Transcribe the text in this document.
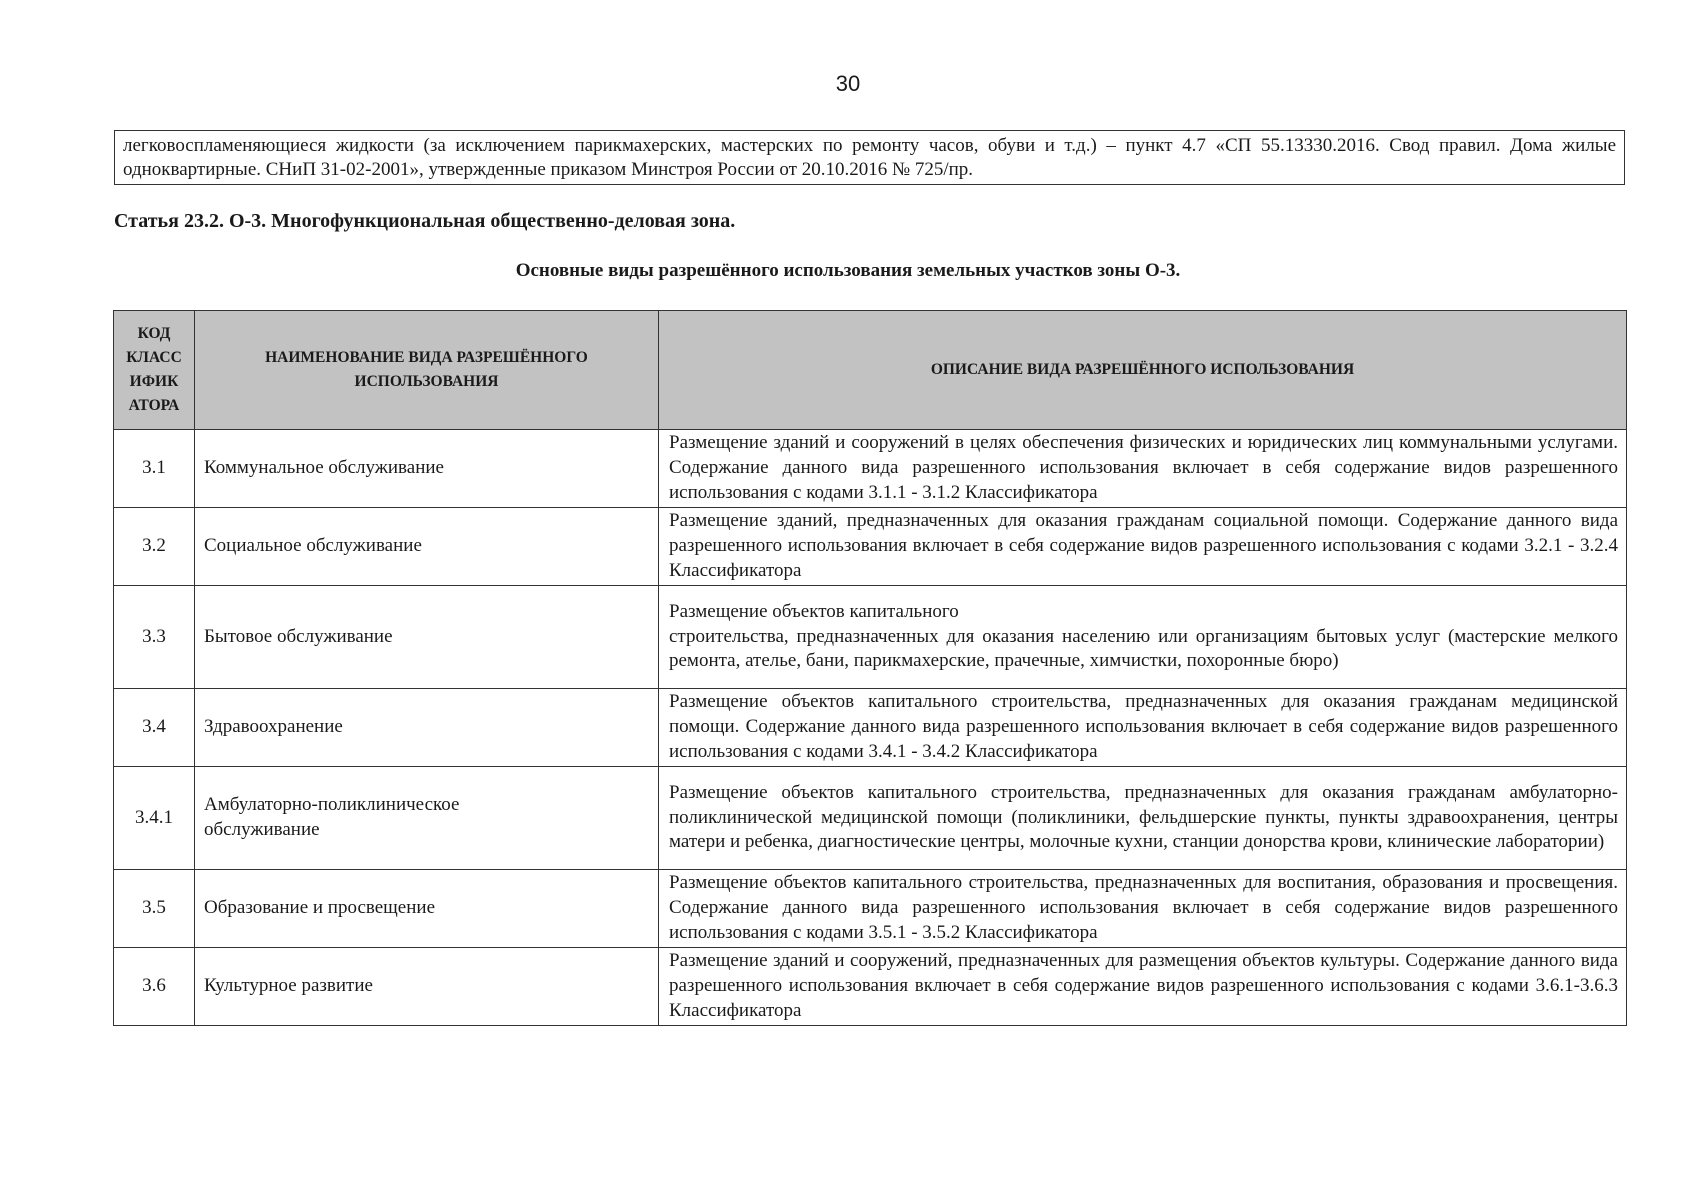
30
легковоспламеняющиеся жидкости (за исключением парикмахерских, мастерских по ремонту часов, обуви и т.д.) – пункт 4.7 «СП 55.13330.2016. Свод правил. Дома жилые одноквартирные. СНиП 31-02-2001», утвержденные приказом Минстроя России от 20.10.2016 № 725/пр.
Статья 23.2. О-3. Многофункциональная общественно-деловая зона.
Основные виды разрешённого использования земельных участков зоны О-3.
КОД КЛАСС ИФИК АТОРА	НАИМЕНОВАНИЕ ВИДА РАЗРЕШЁННОГО ИСПОЛЬЗОВАНИЯ	ОПИСАНИЕ ВИДА РАЗРЕШЁННОГО ИСПОЛЬЗОВАНИЯ
3.1	Коммунальное обслуживание	Размещение зданий и сооружений в целях обеспечения физических и юридических лиц коммунальными услугами. Содержание данного вида разрешенного использования включает в себя содержание видов разрешенного использования с кодами 3.1.1 - 3.1.2 Классификатора
3.2	Социальное обслуживание	Размещение зданий, предназначенных для оказания гражданам социальной помощи. Содержание данного вида разрешенного использования включает в себя содержание видов разрешенного использования с кодами 3.2.1 - 3.2.4 Классификатора
3.3	Бытовое обслуживание	Размещение объектов капитального
строительства, предназначенных для оказания населению или организациям бытовых услуг (мастерские мелкого ремонта, ателье, бани, парикмахерские, прачечные, химчистки, похоронные бюро)

3.4	Здравоохранение	Размещение объектов капитального строительства, предназначенных для оказания гражданам медицинской помощи. Содержание данного вида разрешенного использования включает в себя содержание видов разрешенного использования с кодами 3.4.1 - 3.4.2 Классификатора
3.4.1	Амбулаторно-поликлиническое обслуживание	Размещение объектов капитального строительства, предназначенных для оказания гражданам амбулаторно-поликлинической медицинской помощи (поликлиники, фельдшерские пункты, пункты здравоохранения, центры матери и ребенка, диагностические центры, молочные кухни, станции донорства крови, клинические лаборатории)
3.5	Образование и просвещение	Размещение объектов капитального строительства, предназначенных для воспитания, образования и просвещения. Содержание данного вида разрешенного использования включает в себя содержание видов разрешенного использования с кодами 3.5.1 - 3.5.2 Классификатора
3.6	Культурное развитие	Размещение зданий и сооружений, предназначенных для размещения объектов культуры. Содержание данного вида разрешенного использования включает в себя содержание видов разрешенного использования с кодами 3.6.1-3.6.3 Классификатора
